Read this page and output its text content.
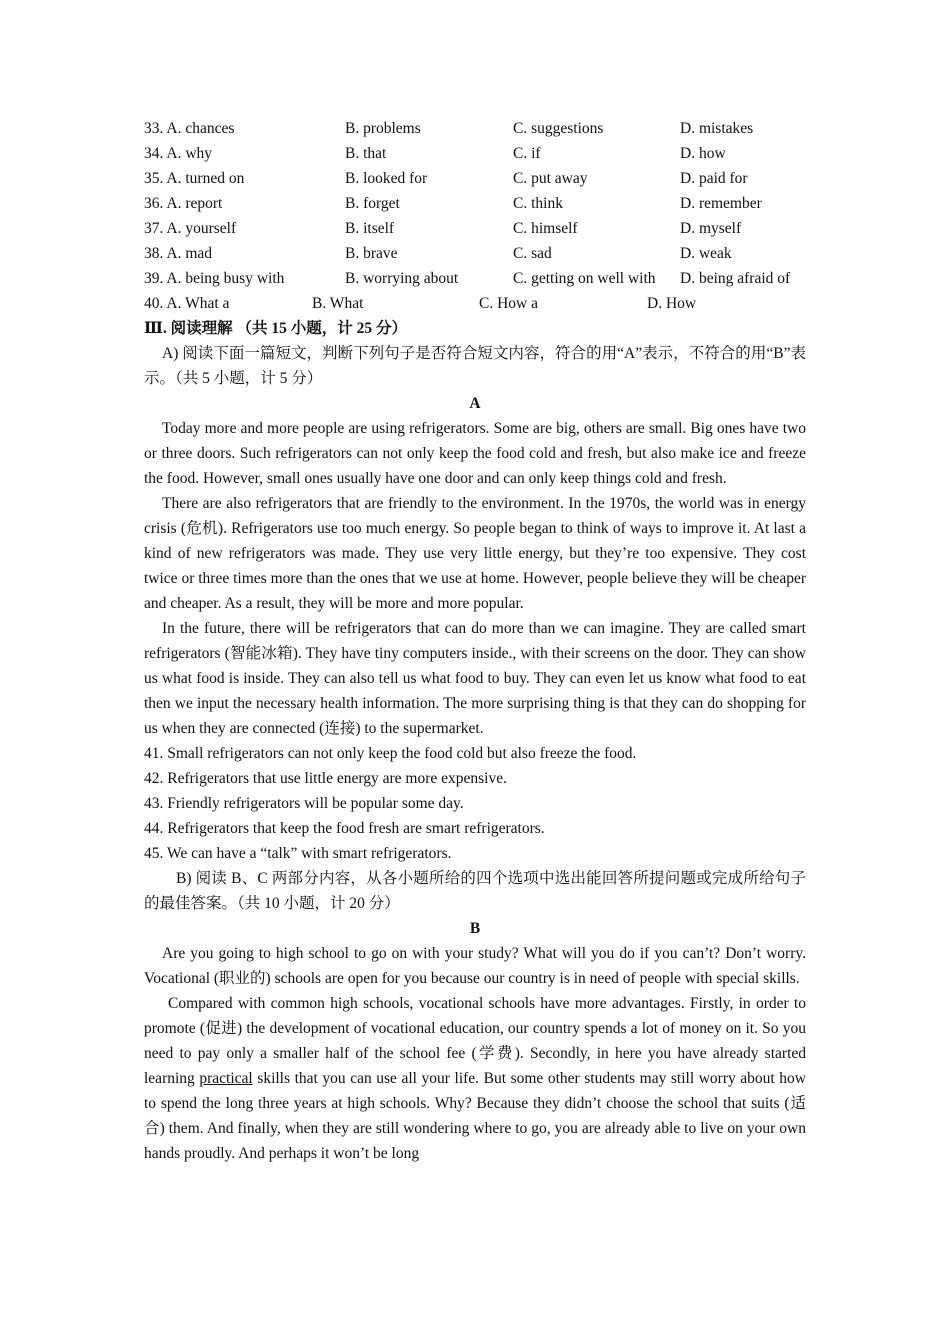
33. A. chances	B. problems	C. suggestions	D. mistakes
34. A. why	B. that	C. if	D. how
35. A. turned on	B. looked for	C. put away	D. paid for
36. A. report	B. forget	C. think	D. remember
37. A. yourself	B. itself	C. himself	D. myself
38. A. mad	B. brave	C. sad	D. weak
39. A. being busy with	B. worrying about	C. getting on well with D. being afraid of
40. A. What a	B. What	C. How a	D. How
Ⅲ. 阅读理解 （共 15 小题，计 25 分）
A) 阅读下面一篇短文，判断下列句子是否符合短文内容，符合的用“A”表示，不符合的用“B”表示。（共 5 小题，计 5 分）
A
Today more and more people are using refrigerators. Some are big, others are small. Big ones have two or three doors. Such refrigerators can not only keep the food cold and fresh, but also make ice and freeze the food. However, small ones usually have one door and can only keep things cold and fresh.
There are also refrigerators that are friendly to the environment. In the 1970s, the world was in energy crisis (危机). Refrigerators use too much energy. So people began to think of ways to improve it. At last a kind of new refrigerators was made. They use very little energy, but they’re too expensive. They cost twice or three times more than the ones that we use at home. However, people believe they will be cheaper and cheaper. As a result, they will be more and more popular.
In the future, there will be refrigerators that can do more than we can imagine. They are called smart refrigerators (智能冰箱). They have tiny computers inside., with their screens on the door. They can show us what food is inside. They can also tell us what food to buy. They can even let us know what food to eat then we input the necessary health information. The more surprising thing is that they can do shopping for us when they are connected (连接) to the supermarket.
41. Small refrigerators can not only keep the food cold but also freeze the food.
42. Refrigerators that use little energy are more expensive.
43. Friendly refrigerators will be popular some day.
44. Refrigerators that keep the food fresh are smart refrigerators.
45. We can have a “talk” with smart refrigerators.
B) 阅读 B、C 两部分内容，从各小题所给的四个选项中选出能回答所提问题或完成所给句子的最佳答案。（共 10 小题，计 20 分）
B
Are you going to high school to go on with your study? What will you do if you can’t? Don’t worry. Vocational (职业的) schools are open for you because our country is in need of people with special skills.
Compared with common high schools, vocational schools have more advantages. Firstly, in order to promote (促进) the development of vocational education, our country spends a lot of money on it. So you need to pay only a smaller half of the school fee (学费). Secondly, in here you have already started learning practical skills that you can use all your life. But some other students may still worry about how to spend the long three years at high schools. Why? Because they didn’t choose the school that suits (适合) them. And finally, when they are still wondering where to go, you are already able to live on your own hands proudly. And perhaps it won’t be long
